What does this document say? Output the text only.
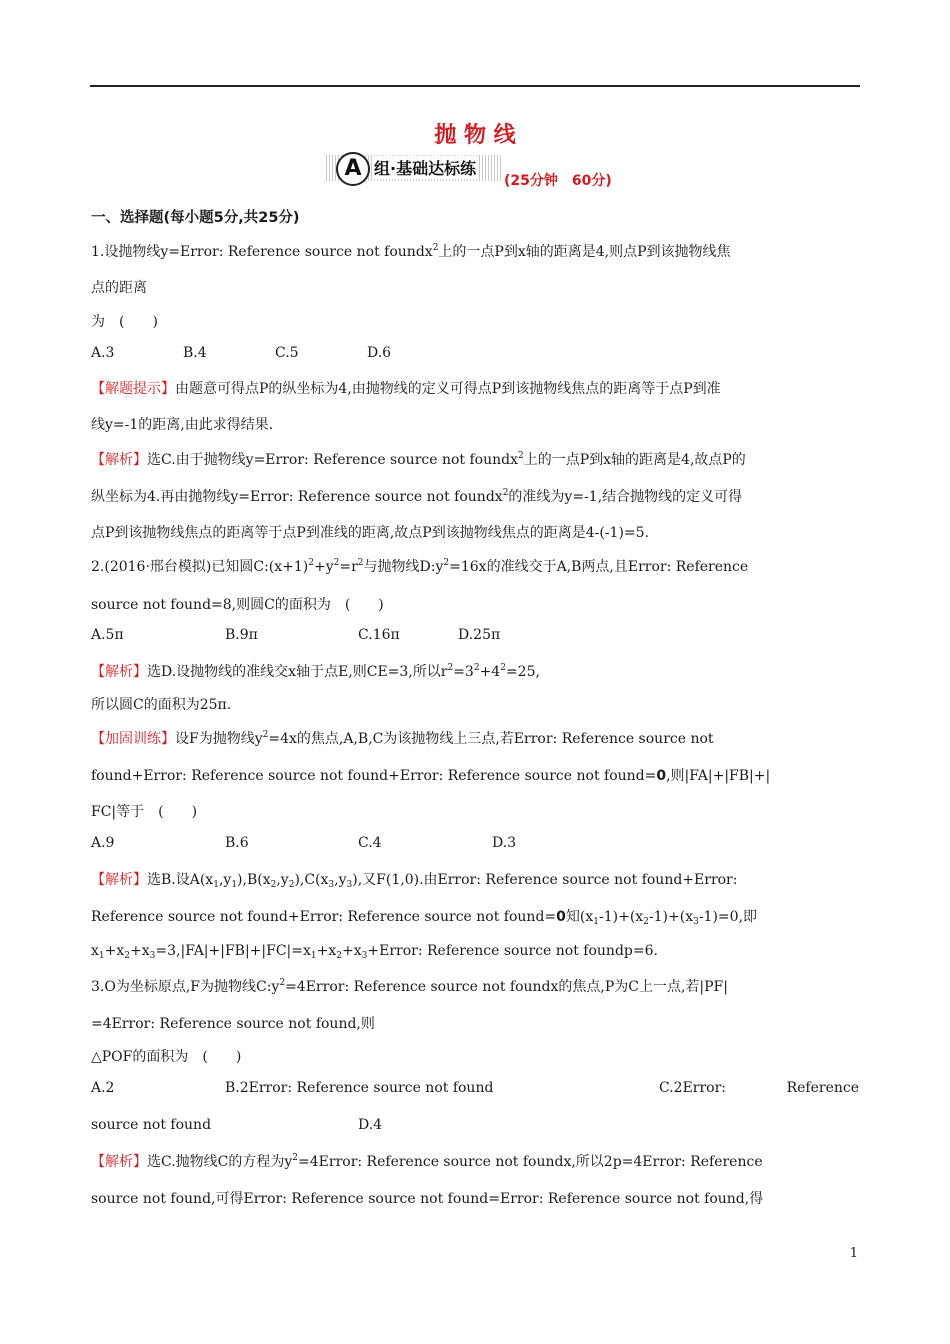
抛 物 线
A 组·基础达标练
(25分钟　60分)
一、选择题(每小题5分,共25分)
1.设抛物线y=Error: Reference source not foundx$^2$上的一点P到x轴的距离是4,则点P到该抛物线焦
点的距离
为　(　　)
A.3	B.4	C.5	D.6
【解题提示】由题意可得点P的纵坐标为4,由抛物线的定义可得点P到该抛物线焦点的距离等于点P到准
线y=-1的距离,由此求得结果.
【解析】选C.由于抛物线y=Error: Reference source not foundx$^2$上的一点P到x轴的距离是4,故点P的
纵坐标为4.再由抛物线y=Error: Reference source not foundx$^2$的准线为y=-1,结合抛物线的定义可得
点P到该抛物线焦点的距离等于点P到准线的距离,故点P到该抛物线焦点的距离是4-(-1)=5.
2.(2016·邢台模拟)已知圆$C:(x+1)^2+y^2=r^2$与抛物线$D:y^2=16x$的准线交于A,B两点,且Error: Reference
source not found=8,则圆C的面积为　(　　)
A.5π	B.9π	C.16π	D.25π
【解析】选D.设抛物线的准线交x轴于点E,则CE=3,所以$r^2=3^2+4^2=25$,
所以圆C的面积为25π.
【加固训练】设F为抛物线$y^2=4x$的焦点,A,B,C为该抛物线上三点,若Error: Reference source not
found+Error: Reference source not found+Error: Reference source not found=0,则|FA|+|FB|+|
FC|等于　(　　)
A.9	B.6	C.4	D.3
【解析】选B.设$A(x_1,y_1),B(x_2,y_2),C(x_3,y_3)$,又F(1,0).由Error: Reference source not found+Error:
Reference source not found+Error: Reference source not found=0知$(x_1-1)+(x_2-1)+(x_3-1)=0$,即
$x_1+x_2+x_3=3,|FA|+|FB|+|FC|=x_1+x_2+x_3+Error$: Reference source not foundp=6.
3.O为坐标原点,F为抛物线$C:y^2=4Error$: Reference source not foundx的焦点,P为C上一点,若|PF|
=4Error: Reference source not found,则
△POF的面积为　(　　)
A.2	B.2Error: Reference source not found	C.2Error:	Reference
source not found	D.4
【解析】选C.抛物线C的方程为$y^2=4Error$: Reference source not foundx,所以2p=4Error: Reference
source not found,可得Error: Reference source not found=Error: Reference source not found,得
1
